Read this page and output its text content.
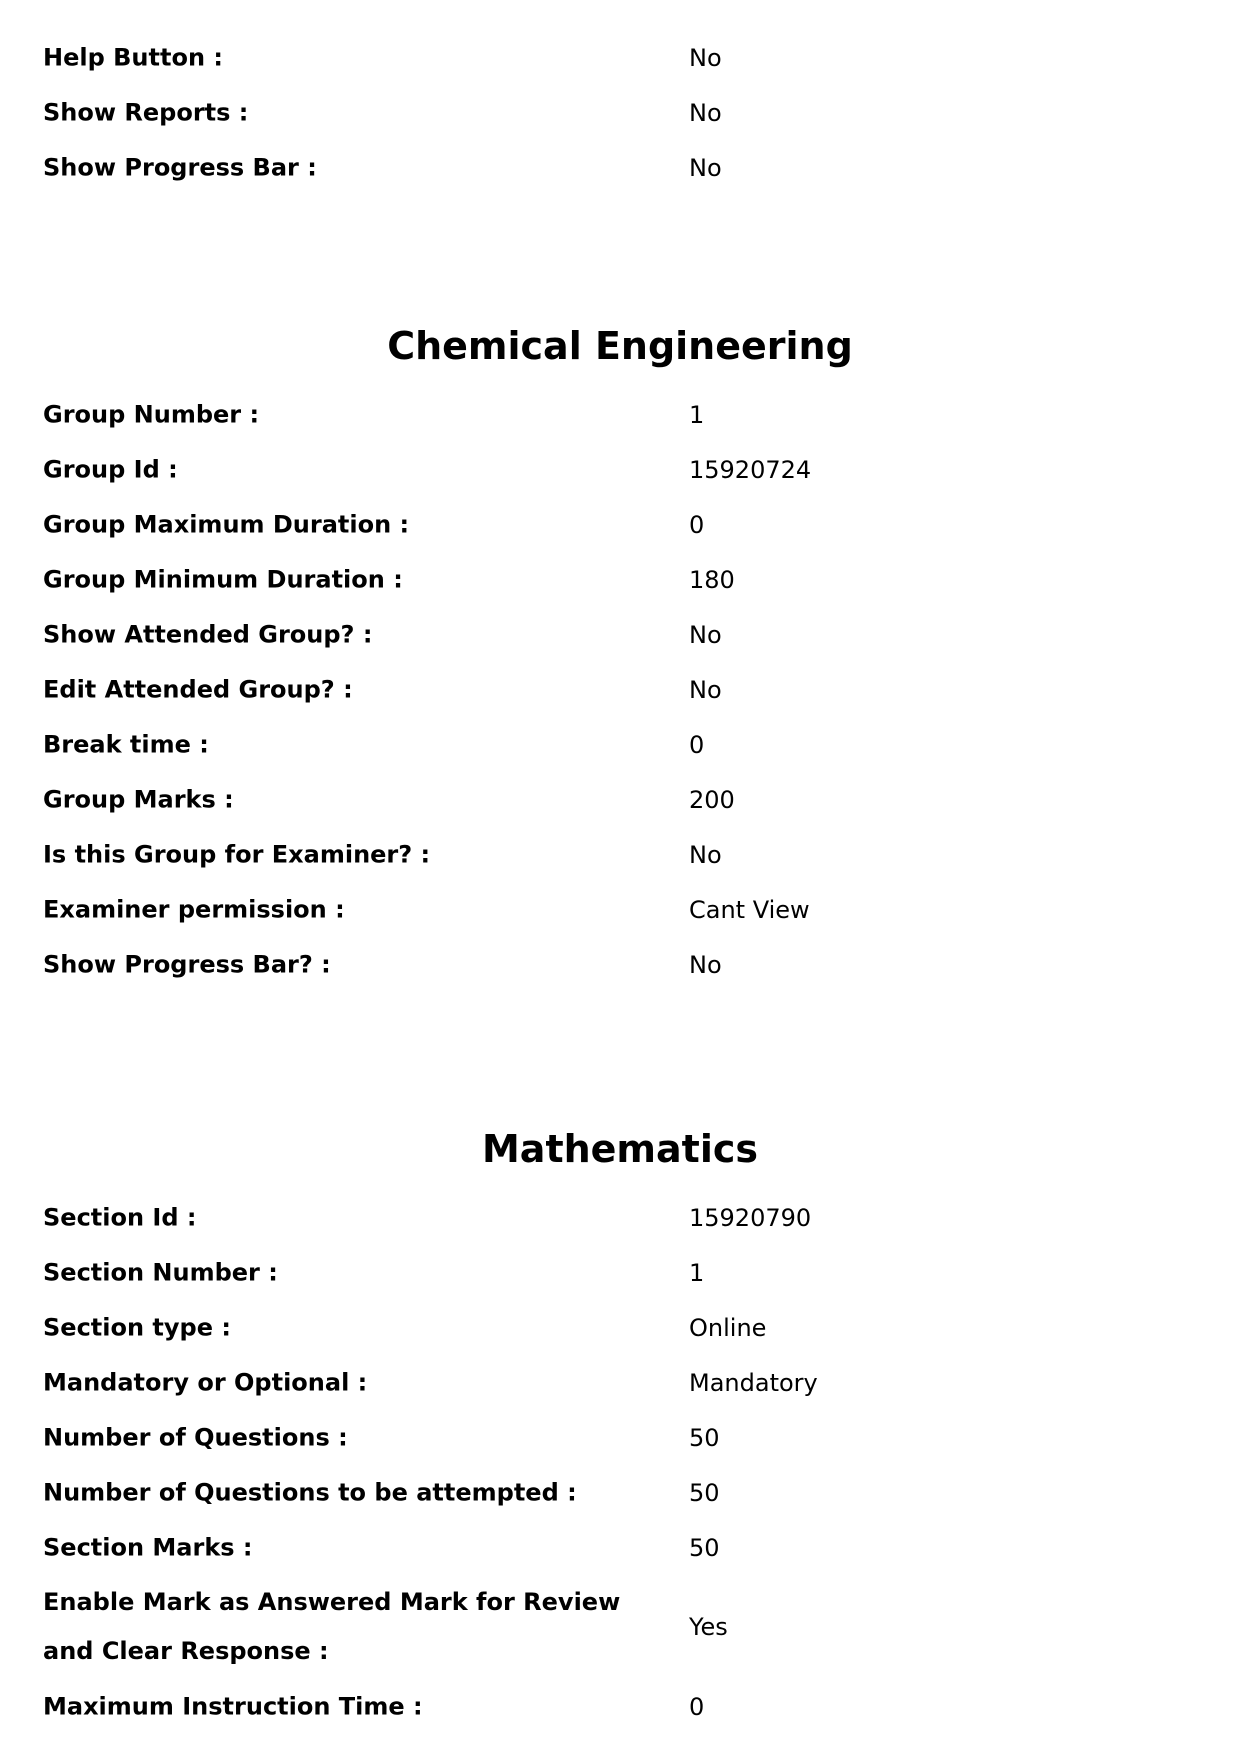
Help Button :	No
Show Reports :	No
Show Progress Bar :	No
Chemical Engineering
Group Number :	1
Group Id :	15920724
Group Maximum Duration :	0
Group Minimum Duration :	180
Show Attended Group? :	No
Edit Attended Group? :	No
Break time :	0
Group Marks :	200
Is this Group for Examiner? :	No
Examiner permission :	Cant View
Show Progress Bar? :	No
Mathematics
Section Id :	15920790
Section Number :	1
Section type :	Online
Mandatory or Optional :	Mandatory
Number of Questions :	50
Number of Questions to be attempted :	50
Section Marks :	50
Enable Mark as Answered Mark for Review and Clear Response :
Yes
Maximum Instruction Time :	0
